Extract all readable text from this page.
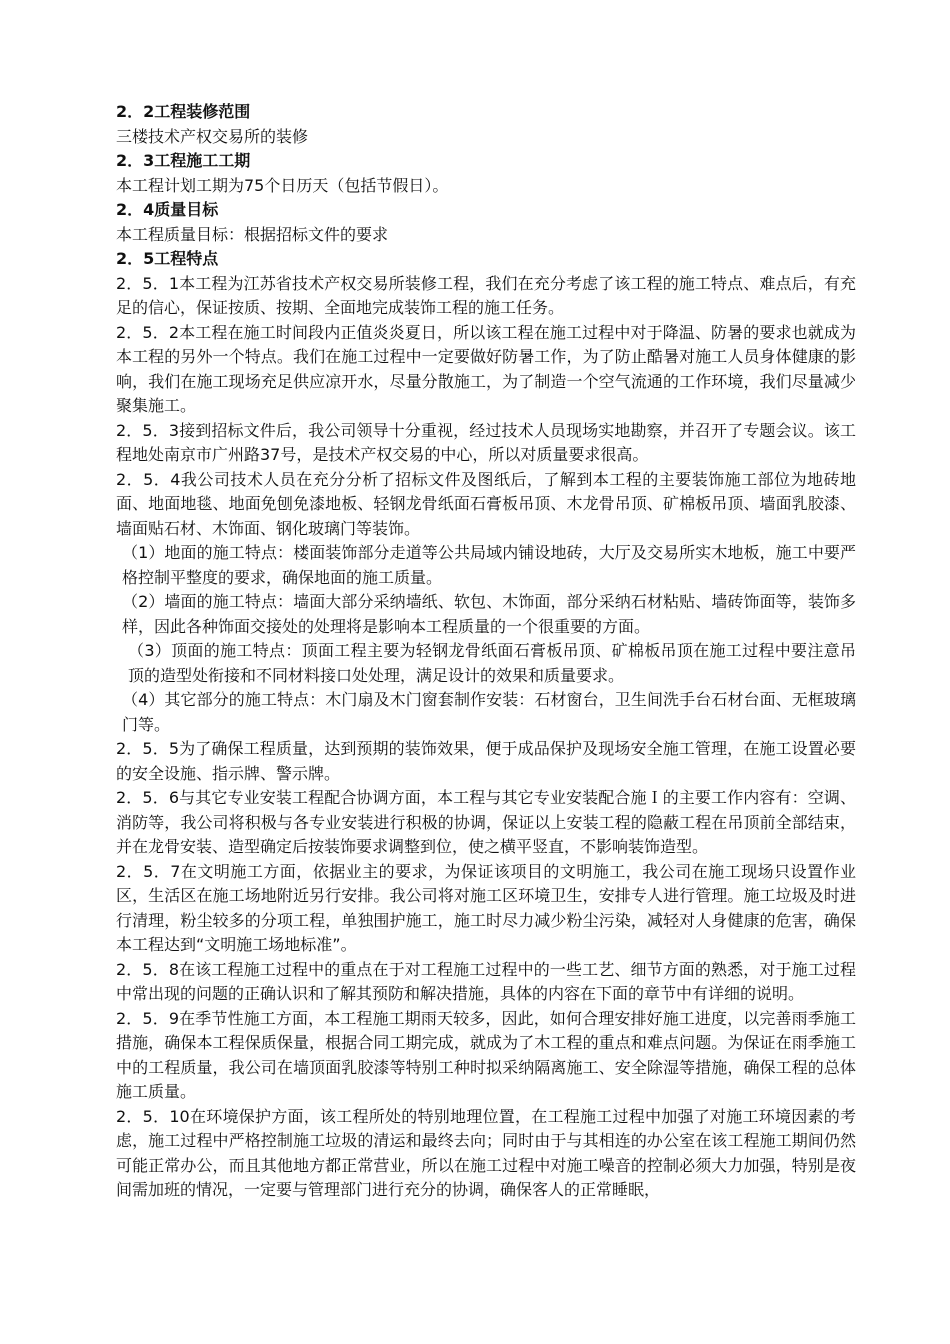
2．2工程装修范围
三楼技术产权交易所的装修
2．3工程施工工期
本工程计划工期为75个日历天（包括节假日）。
2．4质量目标
本工程质量目标：根据招标文件的要求
2．5工程特点
2．5．1本工程为江苏省技术产权交易所装修工程，我们在充分考虑了该工程的施工特点、难点后，有充足的信心，保证按质、按期、全面地完成装饰工程的施工任务。
2．5．2本工程在施工时间段内正值炎炎夏日，所以该工程在施工过程中对于降温、防暑的要求也就成为本工程的另外一个特点。我们在施工过程中一定要做好防暑工作，为了防止酷暑对施工人员身体健康的影响，我们在施工现场充足供应凉开水，尽量分散施工，为了制造一个空气流通的工作环境，我们尽量减少聚集施工。
2．5．3接到招标文件后，我公司领导十分重视，经过技术人员现场实地勘察，并召开了专题会议。该工程地处南京市广州路37号，是技术产权交易的中心，所以对质量要求很高。
2．5．4我公司技术人员在充分分析了招标文件及图纸后，了解到本工程的主要装饰施工部位为地砖地面、地面地毯、地面免刨免漆地板、轻钢龙骨纸面石膏板吊顶、木龙骨吊顶、矿棉板吊顶、墙面乳胶漆、墙面贴石材、木饰面、钢化玻璃门等装饰。
（1）地面的施工特点：楼面装饰部分走道等公共局域内铺设地砖，大厅及交易所实木地板，施工中要严格控制平整度的要求，确保地面的施工质量。
（2）墙面的施工特点：墙面大部分采纳墙纸、软包、木饰面，部分采纳石材粘贴、墙砖饰面等，装饰多样，因此各种饰面交接处的处理将是影响本工程质量的一个很重要的方面。
（3）顶面的施工特点：顶面工程主要为轻钢龙骨纸面石膏板吊顶、矿棉板吊顶在施工过程中要注意吊顶的造型处衔接和不同材料接口处处理，满足设计的效果和质量要求。
（4）其它部分的施工特点：木门扇及木门窗套制作安装：石材窗台，卫生间洗手台石材台面、无框玻璃门等。
2．5．5为了确保工程质量，达到预期的装饰效果，便于成品保护及现场安全施工管理，在施工设置必要的安全设施、指示牌、警示牌。
2．5．6与其它专业安装工程配合协调方面，本工程与其它专业安装配合施Ｉ的主要工作内容有：空调、消防等，我公司将积极与各专业安装进行积极的协调，保证以上安装工程的隐蔽工程在吊顶前全部结束，并在龙骨安装、造型确定后按装饰要求调整到位，使之横平竖直，不影响装饰造型。
2．5．7在文明施工方面，依据业主的要求，为保证该项目的文明施工，我公司在施工现场只设置作业区，生活区在施工场地附近另行安排。我公司将对施工区环境卫生，安排专人进行管理。施工垃圾及时进行清理，粉尘较多的分项工程，单独围护施工，施工时尽力减少粉尘污染，减轻对人身健康的危害，确保本工程达到“文明施工场地标准”。
2．5．8在该工程施工过程中的重点在于对工程施工过程中的一些工艺、细节方面的熟悉，对于施工过程中常出现的问题的正确认识和了解其预防和解决措施，具体的内容在下面的章节中有详细的说明。
2．5．9在季节性施工方面，本工程施工期雨天较多，因此，如何合理安排好施工进度，以完善雨季施工措施，确保本工程保质保量，根据合同工期完成，就成为了木工程的重点和难点问题。为保证在雨季施工中的工程质量，我公司在墙顶面乳胶漆等特别工种时拟采纳隔离施工、安全除湿等措施，确保工程的总体施工质量。
2．5．10在环境保护方面，该工程所处的特别地理位置，在工程施工过程中加强了对施工环境因素的考虑，施工过程中严格控制施工垃圾的清运和最终去向；同时由于与其相连的办公室在该工程施工期间仍然可能正常办公，而且其他地方都正常营业，所以在施工过程中对施工噪音的控制必须大力加强，特别是夜间需加班的情况，一定要与管理部门进行充分的协调，确保客人的正常睡眠，
